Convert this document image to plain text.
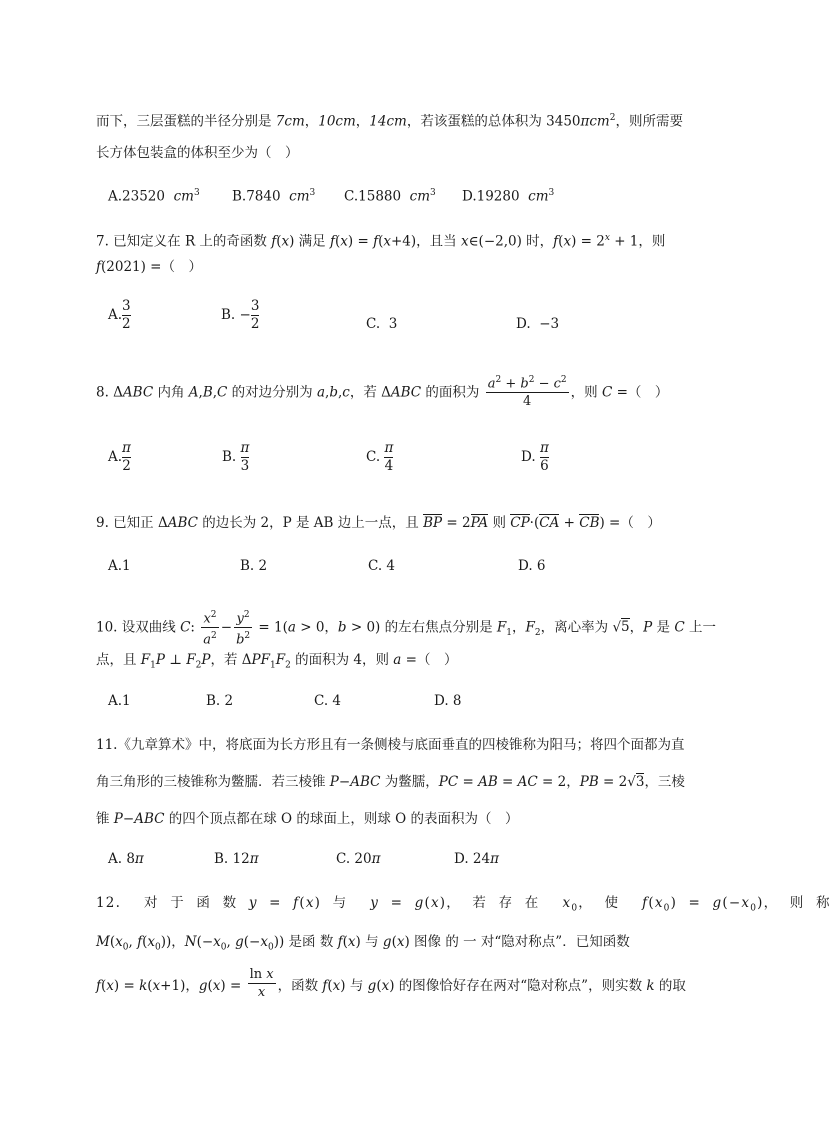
而下，三层蛋糕的半径分别是 7cm，10cm，14cm，若该蛋糕的总体积为 3450πcm$^2$，则所需要
长方体包装盒的体积至少为（　）
A.23520  $cm^3$ B.7840  $cm^3$ C.15880  $cm^3$ D.19280  $cm^3$
7. 已知定义在 R 上的奇函数 f(x) 满足 f(x) = f(x+4)，且当 x∈(−2,0) 时，$f(x) = 2^x + 1$，则
f(2021) =（　）
A. $\frac{3}{2}$	B. − $\frac{3}{2}$	C.  3	D.  −3
8. ΔABC 内角 A,B,C 的对边分别为 a,b,c，若 ΔABC 的面积为 $\frac{a^2 + b^2 - c^2}{4}$ ，则 C =（　）
A. $\frac{\pi}{2}$	B. $\frac{\pi}{3}$	C. $\frac{\pi}{4}$	D. $\frac{\pi}{6}$
9. 已知正 ΔABC 的边长为 2，P 是 AB 边上一点，且 BP = 2PA 则 CP·(CA + CB) =（　）
A.1	B. 2	C. 4	D. 6
10. 设双曲线 C: $\frac{x^2}{a^2} - \frac{y^2}{b^2} = 1(a > 0$，b > 0) 的左右焦点分别是 $F_1$，$F_2$，离心率为 √5，P 是 C 上一
点，且 $F_1P$ ⊥ $F_2P$，若 $\Delta PF_1F_2$ 的面积为 4，则 a =（　）
A.1	B. 2	C. 4	D. 8
11.《九章算术》中，将底面为长方形且有一条侧棱与底面垂直的四棱锥称为阳马；将四个面都为直
角三角形的三棱锥称为鳖臑．若三棱锥 P−ABC 为鳖臑，PC = AB = AC = 2，PB = 2√3，三棱
锥 P−ABC 的四个顶点都在球 O 的球面上，则球 O 的表面积为（　）
A. 8π	B. 12π	C. 20π	D. 24π
12.  对 于 函 数 y = f(x) 与  y = g(x)， 若 存 在  $x_0$， 使  $f(x_0) = g(-x_0)$， 则 称
$M(x_0$, $f(x_0)$)，$N(-x_0$, $g(-x_0)$) 是函 数 f(x) 与 g(x) 图像 的 一 对“隐对称点”．已知函数
f(x) = k(x+1)，$g(x) = \frac{\text{ln x}}{x}$ ，函数 f(x) 与 g(x) 的图像恰好存在两对“隐对称点”，则实数 k 的取
